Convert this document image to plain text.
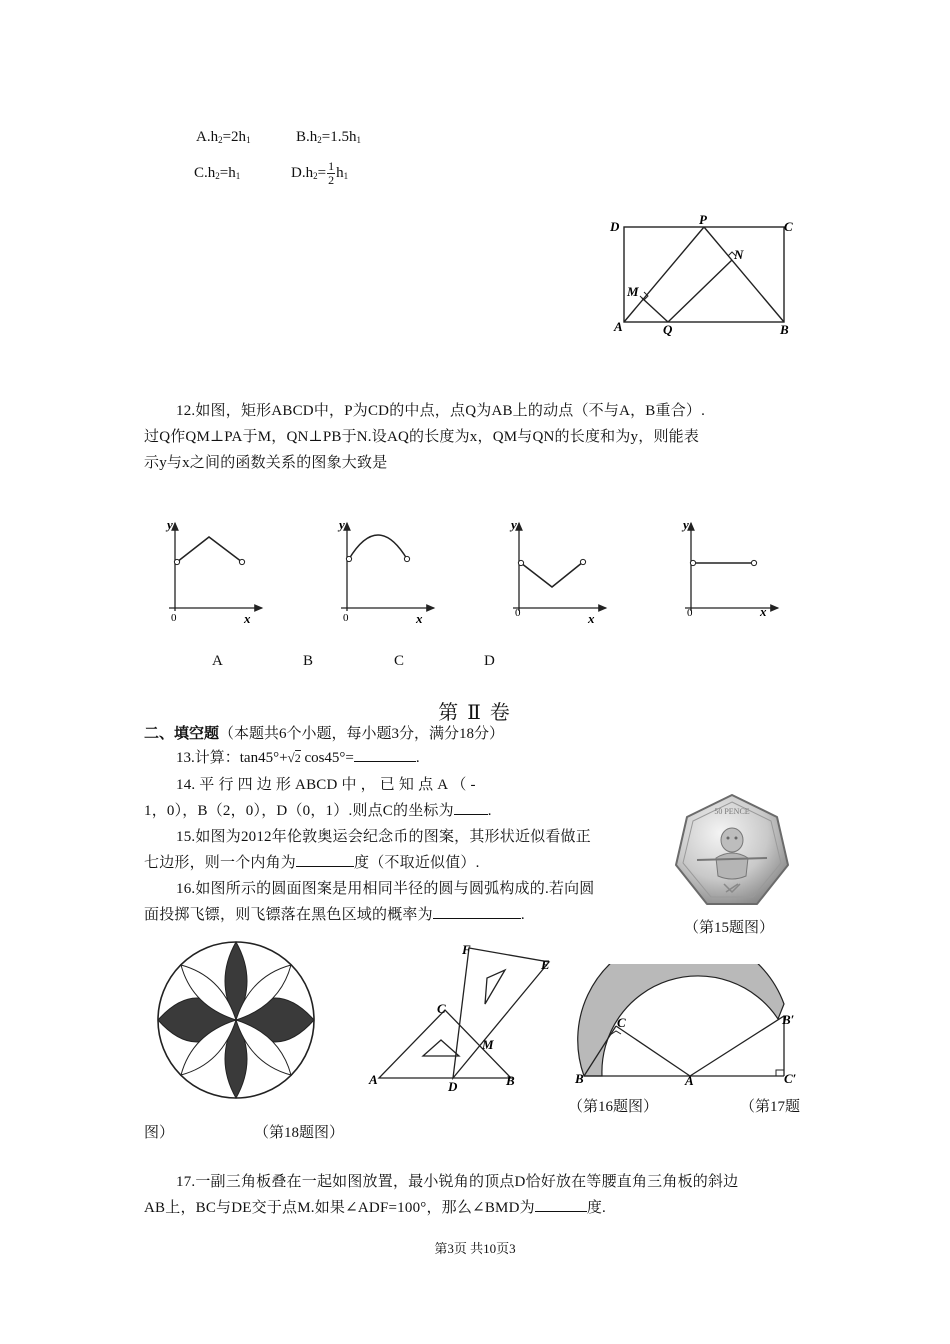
$A.h_2=2h_1$	$B.h_2=1.5h_1$
$C.h_2=h_1$	$D.h_2= \frac{1}{2} h_1$
D	P	C
N
M
A	Q	B
12.如图，矩形ABCD中，P为CD的中点，点Q为AB上的动点（不与A，B重合）.
过Q作QM⊥PA于M，QN⊥PB于N.设AQ的长度为x，QM与QN的长度和为y，则能表
示y与x之间的函数关系的图象大致是
y
0	x
y
0	x
y
0	x
y
0	x
A	B	C	D
第 Ⅱ 卷
二、填空题（本题共6个小题，每小题3分，满分18分）
13.计算：tan45°+√2 cos45°=	.
14. 平 行 四 边 形 ABCD 中 ， 已 知 点 A （ -
1，0），B（2，0），D（0，1）.则点C的坐标为 .
15.如图为2012年伦敦奥运会纪念币的图案，其形状近似看做正
七边形，则一个内角为	度（不取近似值）.
16.如图所示的圆面图案是用相同半径的圆与圆弧构成的.若向圆
面投掷飞镖，则飞镖落在黑色区域的概率为	.
50 PENCE
（第15题图）
F
E
C
M
A	D	B
C	B′
B	A	C′
（第16题图）	（第17题
图）	（第18题图）
17.一副三角板叠在一起如图放置，最小锐角的顶点D恰好放在等腰直角三角板的斜边
AB上，BC与DE交于点M.如果∠ADF=100°，那么∠BMD为	度.
第3页 共10页3
